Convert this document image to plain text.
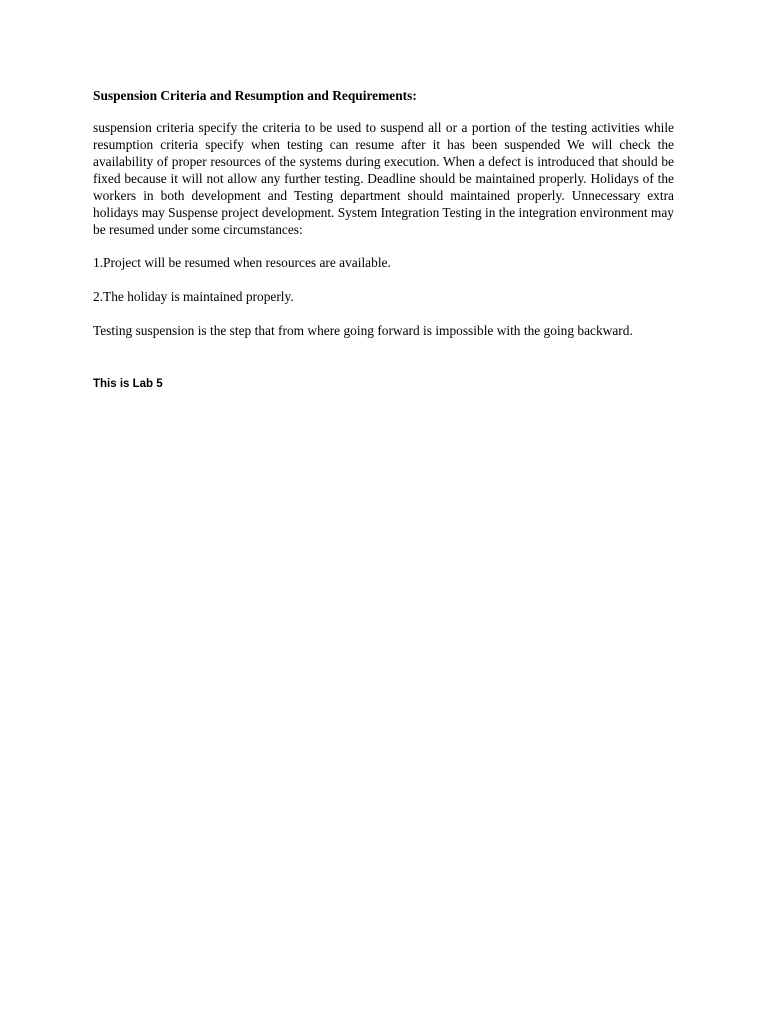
Suspension Criteria and Resumption and Requirements:

suspension criteria specify the criteria to be used to suspend all or a portion of the testing activities while resumption criteria specify when testing can resume after it has been suspended We will check the availability of proper resources of the systems during execution. When a defect is introduced that should be fixed because it will not allow any further testing. Deadline should be maintained properly. Holidays of the workers in both development and Testing department should maintained properly. Unnecessary extra holidays may Suspense project development. System Integration Testing in the integration environment may be resumed under some circumstances:

1.Project will be resumed when resources are available.

2.The holiday is maintained properly.

Testing suspension is the step that from where going forward is impossible with the going backward.

This is Lab 5
